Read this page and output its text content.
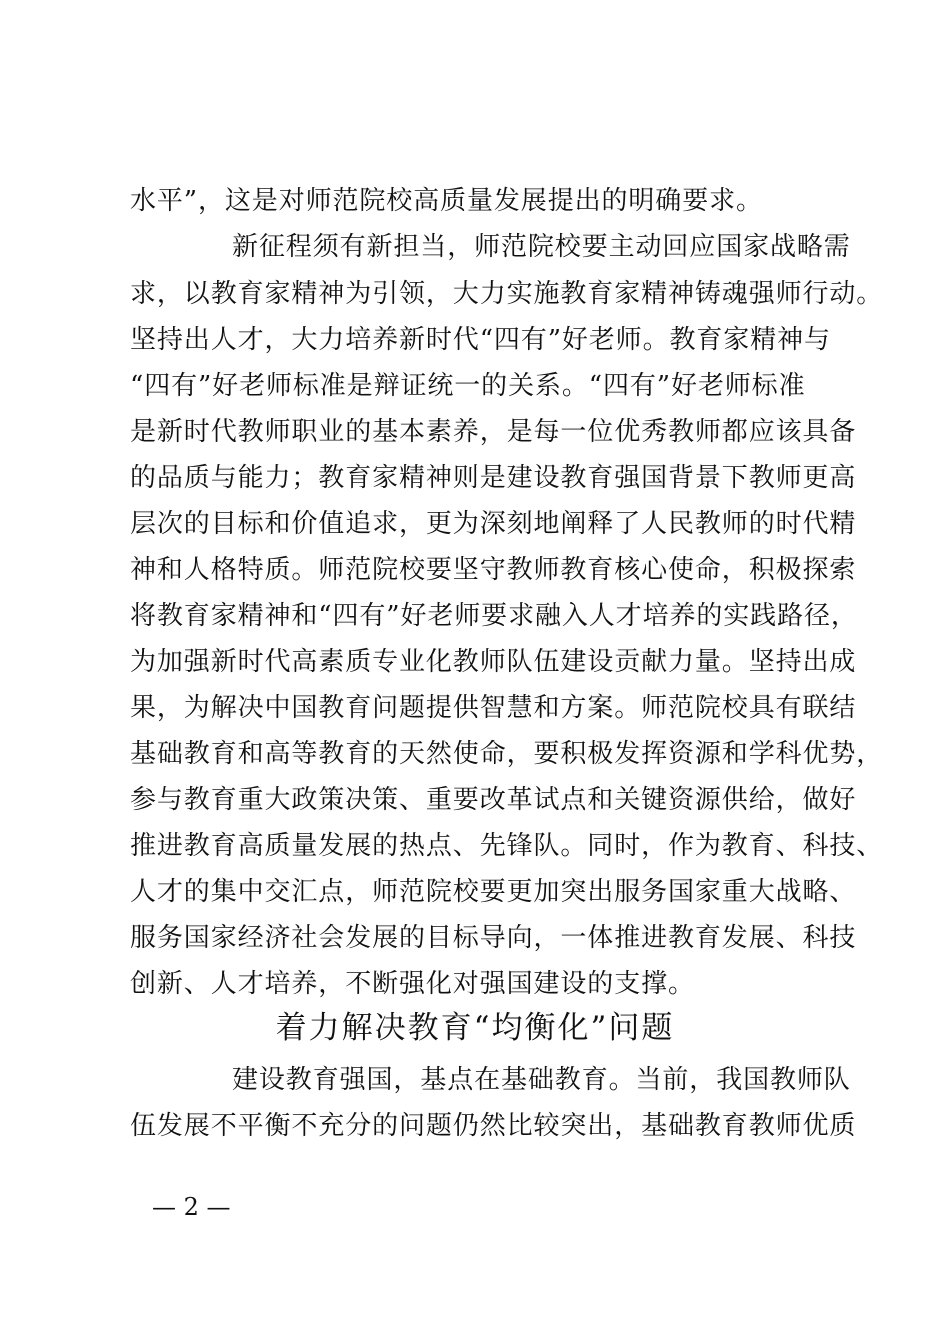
水平”，这是对师范院校高质量发展提出的明确要求。
新征程须有新担当，师范院校要主动回应国家战略需
求，以教育家精神为引领，大力实施教育家精神铸魂强师行动。
坚持出人才，大力培养新时代“四有”好老师。教育家精神与
“四有”好老师标准是辩证统一的关系。“四有”好老师标准
是新时代教师职业的基本素养，是每一位优秀教师都应该具备
的品质与能力；教育家精神则是建设教育强国背景下教师更高
层次的目标和价值追求，更为深刻地阐释了人民教师的时代精
神和人格特质。师范院校要坚守教师教育核心使命，积极探索
将教育家精神和“四有”好老师要求融入人才培养的实践路径，
为加强新时代高素质专业化教师队伍建设贡献力量。坚持出成
果，为解决中国教育问题提供智慧和方案。师范院校具有联结
基础教育和高等教育的天然使命，要积极发挥资源和学科优势，
参与教育重大政策决策、重要改革试点和关键资源供给，做好
推进教育高质量发展的热点、先锋队。同时，作为教育、科技、
人才的集中交汇点，师范院校要更加突出服务国家重大战略、
服务国家经济社会发展的目标导向，一体推进教育发展、科技
创新、人才培养，不断强化对强国建设的支撑。
着力解决教育“均衡化”问题
建设教育强国，基点在基础教育。当前，我国教师队
伍发展不平衡不充分的问题仍然比较突出，基础教育教师优质
— 2 —
